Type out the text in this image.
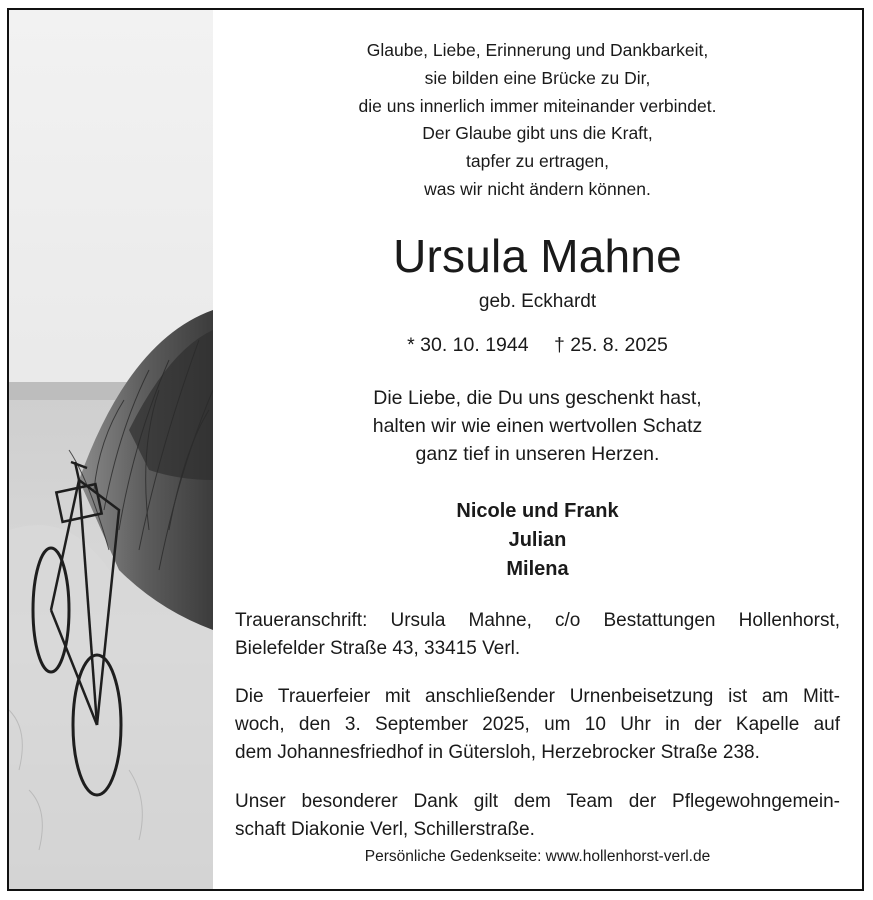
Glaube, Liebe, Erinnerung und Dankbarkeit,
sie bilden eine Brücke zu Dir,
die uns innerlich immer miteinander verbindet.
Der Glaube gibt uns die Kraft,
tapfer zu ertragen,
was wir nicht ändern können.
Ursula Mahne
geb. Eckhardt
* 30. 10. 1944 † 25. 8. 2025
Die Liebe, die Du uns geschenkt hast,
halten wir wie einen wertvollen Schatz
ganz tief in unseren Herzen.
Nicole und Frank
Julian
Milena
Traueranschrift: Ursula Mahne, c/o Bestattungen Hollenhorst,
Bielefelder Straße 43, 33415 Verl.
Die Trauerfeier mit anschließender Urnenbeisetzung ist am Mitt-
woch, den 3. September 2025, um 10 Uhr in der Kapelle auf
dem Johannesfriedhof in Gütersloh, Herzebrocker Straße 238.
Unser besonderer Dank gilt dem Team der Pflegewohngemein-
schaft Diakonie Verl, Schillerstraße.
Persönliche Gedenkseite: www.hollenhorst-verl.de
